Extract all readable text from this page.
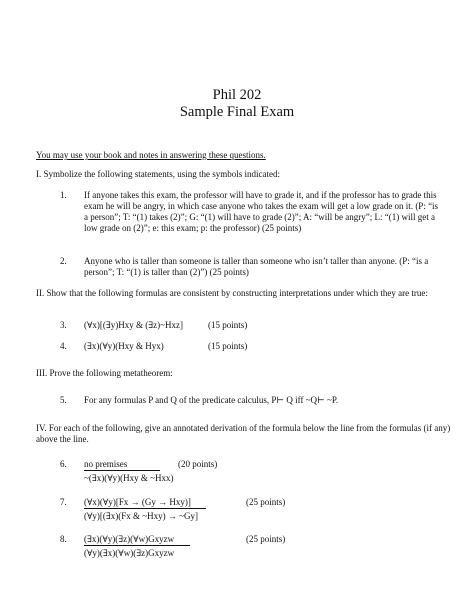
Phil 202
Sample Final Exam
You may use your book and notes in answering these questions.
I. Symbolize the following statements, using the symbols indicated:
1. If anyone takes this exam, the professor will have to grade it, and if the professor has to grade this exam he will be angry, in which case anyone who takes the exam will get a low grade on it. (P: “is a person”; T: “(1) takes (2)”; G: “(1) will have to grade (2)”; A: “will be angry”; L: “(1) will get a low grade on (2)”; e: this exam; p: the professor) (25 points)
2. Anyone who is taller than someone is taller than someone who isn’t taller than anyone. (P: “is a person”; T: “(1) is taller than (2)”) (25 points)
II. Show that the following formulas are consistent by constructing interpretations under which they are true:
3. (∀x)[(∃y)Hxy & (∃z)~Hxz]	(15 points)
4. (∃x)(∀y)(Hxy & Hyx)	(15 points)
III. Prove the following metatheorem:
5. For any formulas P and Q of the predicate calculus, P⊢ Q iff ~Q⊢ ~P.
IV. For each of the following, give an annotated derivation of the formula below the line from the formulas (if any) above the line.
6. no premises
~(∃x)(∀y)(Hxy & ~Hxx)
(20 points)
7. (∀x)(∀y)[Fx → (Gy → Hxy)]
(∀y)[(∃x)(Fx & ~Hxy) → ~Gy]
(25 points)
8. (∃x)(∀y)(∃z)(∀w)Gxyzw
(∀y)(∃x)(∀w)(∃z)Gxyzw
(25 points)
